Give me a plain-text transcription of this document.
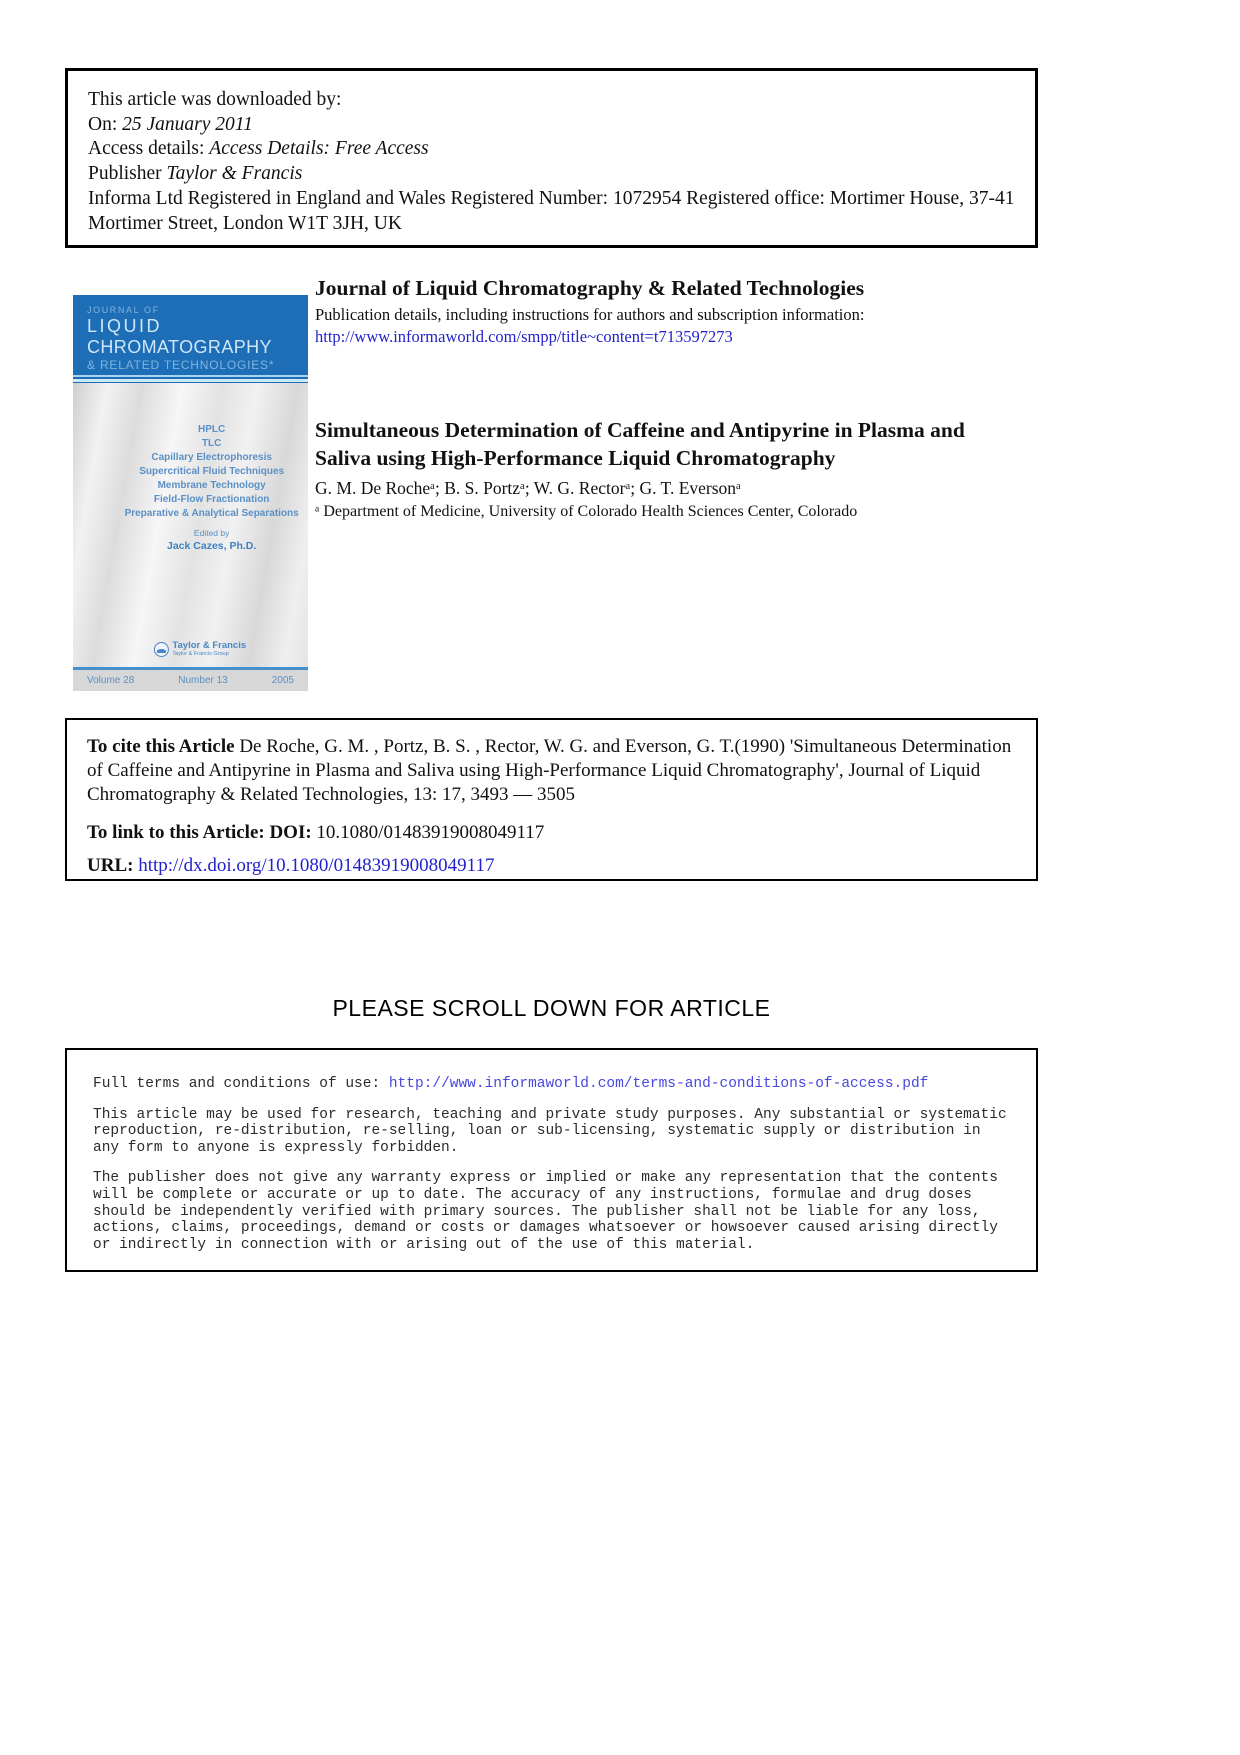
This article was downloaded by:
On: 25 January 2011
Access details: Access Details: Free Access
Publisher Taylor & Francis
Informa Ltd Registered in England and Wales Registered Number: 1072954 Registered office: Mortimer House, 37-41 Mortimer Street, London W1T 3JH, UK
JOURNAL OF
LIQUID
CHROMATOGRAPHY
& RELATED TECHNOLOGIES*
HPLC
TLC
Capillary Electrophoresis
Supercritical Fluid Techniques
Membrane Technology
Field-Flow Fractionation
Preparative & Analytical Separations
Edited by
Jack Cazes, Ph.D.
Taylor & Francis
Taylor & Francis Group
Volume 28	Number 13	2005
Journal of Liquid Chromatography & Related Technologies
Publication details, including instructions for authors and subscription information:
http://www.informaworld.com/smpp/title~content=t713597273
Simultaneous Determination of Caffeine and Antipyrine in Plasma and Saliva using High-Performance Liquid Chromatography
G. M. De Rocheᵃ; B. S. Portzᵃ; W. G. Rectorᵃ; G. T. Eversonᵃ
ᵃ Department of Medicine, University of Colorado Health Sciences Center, Colorado
To cite this Article De Roche, G. M. , Portz, B. S. , Rector, W. G. and Everson, G. T.(1990) 'Simultaneous Determination of Caffeine and Antipyrine in Plasma and Saliva using High-Performance Liquid Chromatography', Journal of Liquid Chromatography & Related Technologies, 13: 17, 3493 — 3505
To link to this Article: DOI: 10.1080/01483919008049117
URL: http://dx.doi.org/10.1080/01483919008049117
PLEASE SCROLL DOWN FOR ARTICLE
Full terms and conditions of use: http://www.informaworld.com/terms-and-conditions-of-access.pdf
This article may be used for research, teaching and private study purposes. Any substantial or systematic reproduction, re-distribution, re-selling, loan or sub-licensing, systematic supply or distribution in any form to anyone is expressly forbidden.
The publisher does not give any warranty express or implied or make any representation that the contents will be complete or accurate or up to date. The accuracy of any instructions, formulae and drug doses should be independently verified with primary sources. The publisher shall not be liable for any loss, actions, claims, proceedings, demand or costs or damages whatsoever or howsoever caused arising directly or indirectly in connection with or arising out of the use of this material.
